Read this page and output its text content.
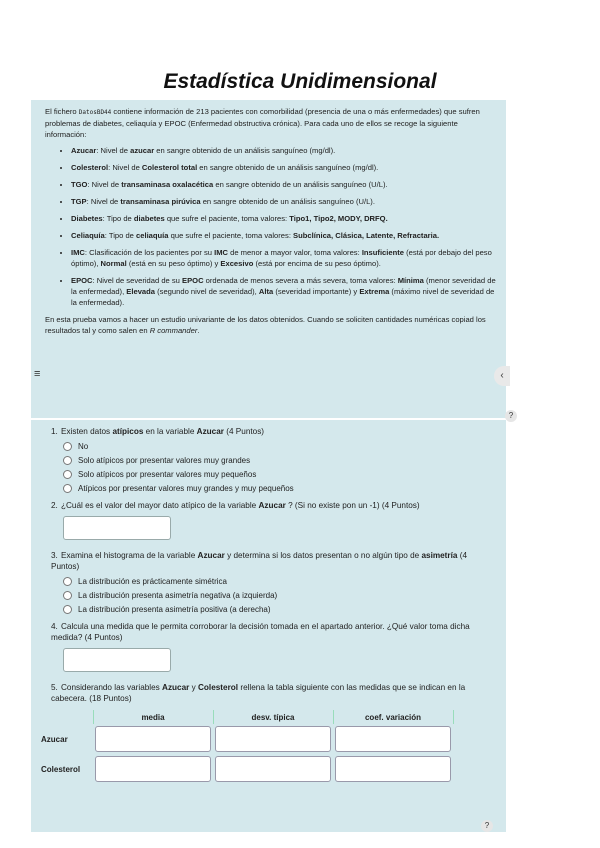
Estadística Unidimensional

El fichero DatosBD44 contiene información de 213 pacientes con comorbilidad (presencia de una o más enfermedades) que sufren problemas de diabetes, celiaquía y EPOC (Enfermedad obstructiva crónica). Para cada uno de ellos se recoge la siguiente información:

• Azucar: Nivel de azucar en sangre obtenido de un análisis sanguíneo (mg/dl).
• Colesterol: Nivel de Colesterol total en sangre obtenido de un análisis sanguíneo (mg/dl).
• TGO: Nivel de transaminasa oxalacética en sangre obtenido de un análisis sanguíneo (U/L).
• TGP: Nivel de transaminasa pirúvica en sangre obtenido de un análisis sanguíneo (U/L).
• Diabetes: Tipo de diabetes que sufre el paciente, toma valores: Tipo1, Tipo2, MODY, DRFQ.
• Celiaquía: Tipo de celiaquía que sufre el paciente, toma valores: Subclínica, Clásica, Latente, Refractaria.
• IMC: Clasificación de los pacientes por su IMC de menor a mayor valor, toma valores: Insuficiente (está por debajo del peso óptimo), Normal (está en su peso óptimo) y Excesivo (está por encima de su peso óptimo).
• EPOC: Nivel de severidad de su EPOC ordenada de menos severa a más severa, toma valores: Mínima (menor severidad de la enfermedad), Elevada (segundo nivel de severidad), Alta (severidad importante) y Extrema (máximo nivel de severidad de la enfermedad).

En esta prueba vamos a hacer un estudio univariante de los datos obtenidos. Cuando se soliciten cantidades numéricas copiad los resultados tal y como salen en R commander.

≡	‹
?
1. Existen datos atípicos en la variable Azucar (4 Puntos)
No
Solo atípicos por presentar valores muy grandes
Solo atípicos por presentar valores muy pequeños
Atípicos por presentar valores muy grandes y muy pequeños
2. ¿Cuál es el valor del mayor dato atípico de la variable Azucar ? (Si no existe pon un -1) (4 Puntos)
3. Examina el histograma de la variable Azucar y determina si los datos presentan o no algún tipo de asimetría (4 Puntos)
La distribución es prácticamente simétrica
La distribución presenta asimetría negativa (a izquierda)
La distribución presenta asimetría positiva (a derecha)
4. Calcula una medida que le permita corroborar la decisión tomada en el apartado anterior. ¿Qué valor toma dicha medida? (4 Puntos)
5. Considerando las variables Azucar y Colesterol rellena la tabla siguiente con las medidas que se indican en la cabecera. (18 Puntos)
	media	desv. típica	coef. variación
Azucar	

Colesterol	

?
